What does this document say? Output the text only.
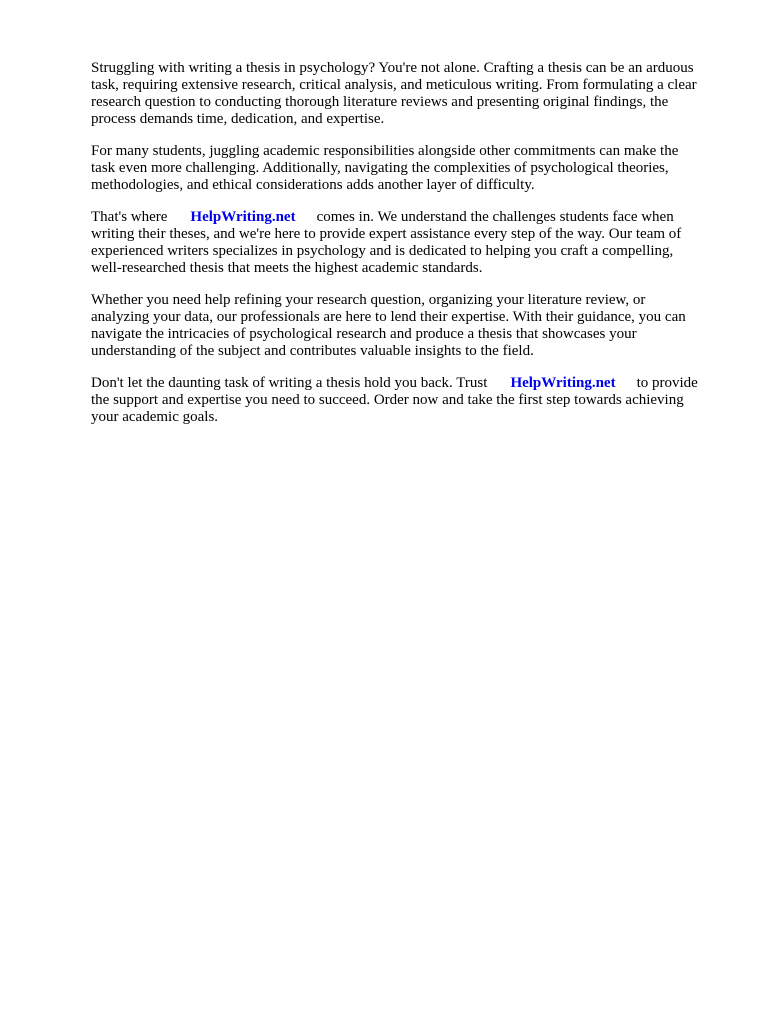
Struggling with writing a thesis in psychology? You're not alone. Crafting a thesis can be an arduous
task, requiring extensive research, critical analysis, and meticulous writing. From formulating a clear
research question to conducting thorough literature reviews and presenting original findings, the
process demands time, dedication, and expertise.

For many students, juggling academic responsibilities alongside other commitments can make the
task even more challenging. Additionally, navigating the complexities of psychological theories,
methodologies, and ethical considerations adds another layer of difficulty.

That's where HelpWriting.net comes in. We understand the challenges students face when
writing their theses, and we're here to provide expert assistance every step of the way. Our team of
experienced writers specializes in psychology and is dedicated to helping you craft a compelling,
well-researched thesis that meets the highest academic standards.

Whether you need help refining your research question, organizing your literature review, or
analyzing your data, our professionals are here to lend their expertise. With their guidance, you can
navigate the intricacies of psychological research and produce a thesis that showcases your
understanding of the subject and contributes valuable insights to the field.

Don't let the daunting task of writing a thesis hold you back. Trust HelpWriting.net to provide
the support and expertise you need to succeed. Order now and take the first step towards achieving
your academic goals.
